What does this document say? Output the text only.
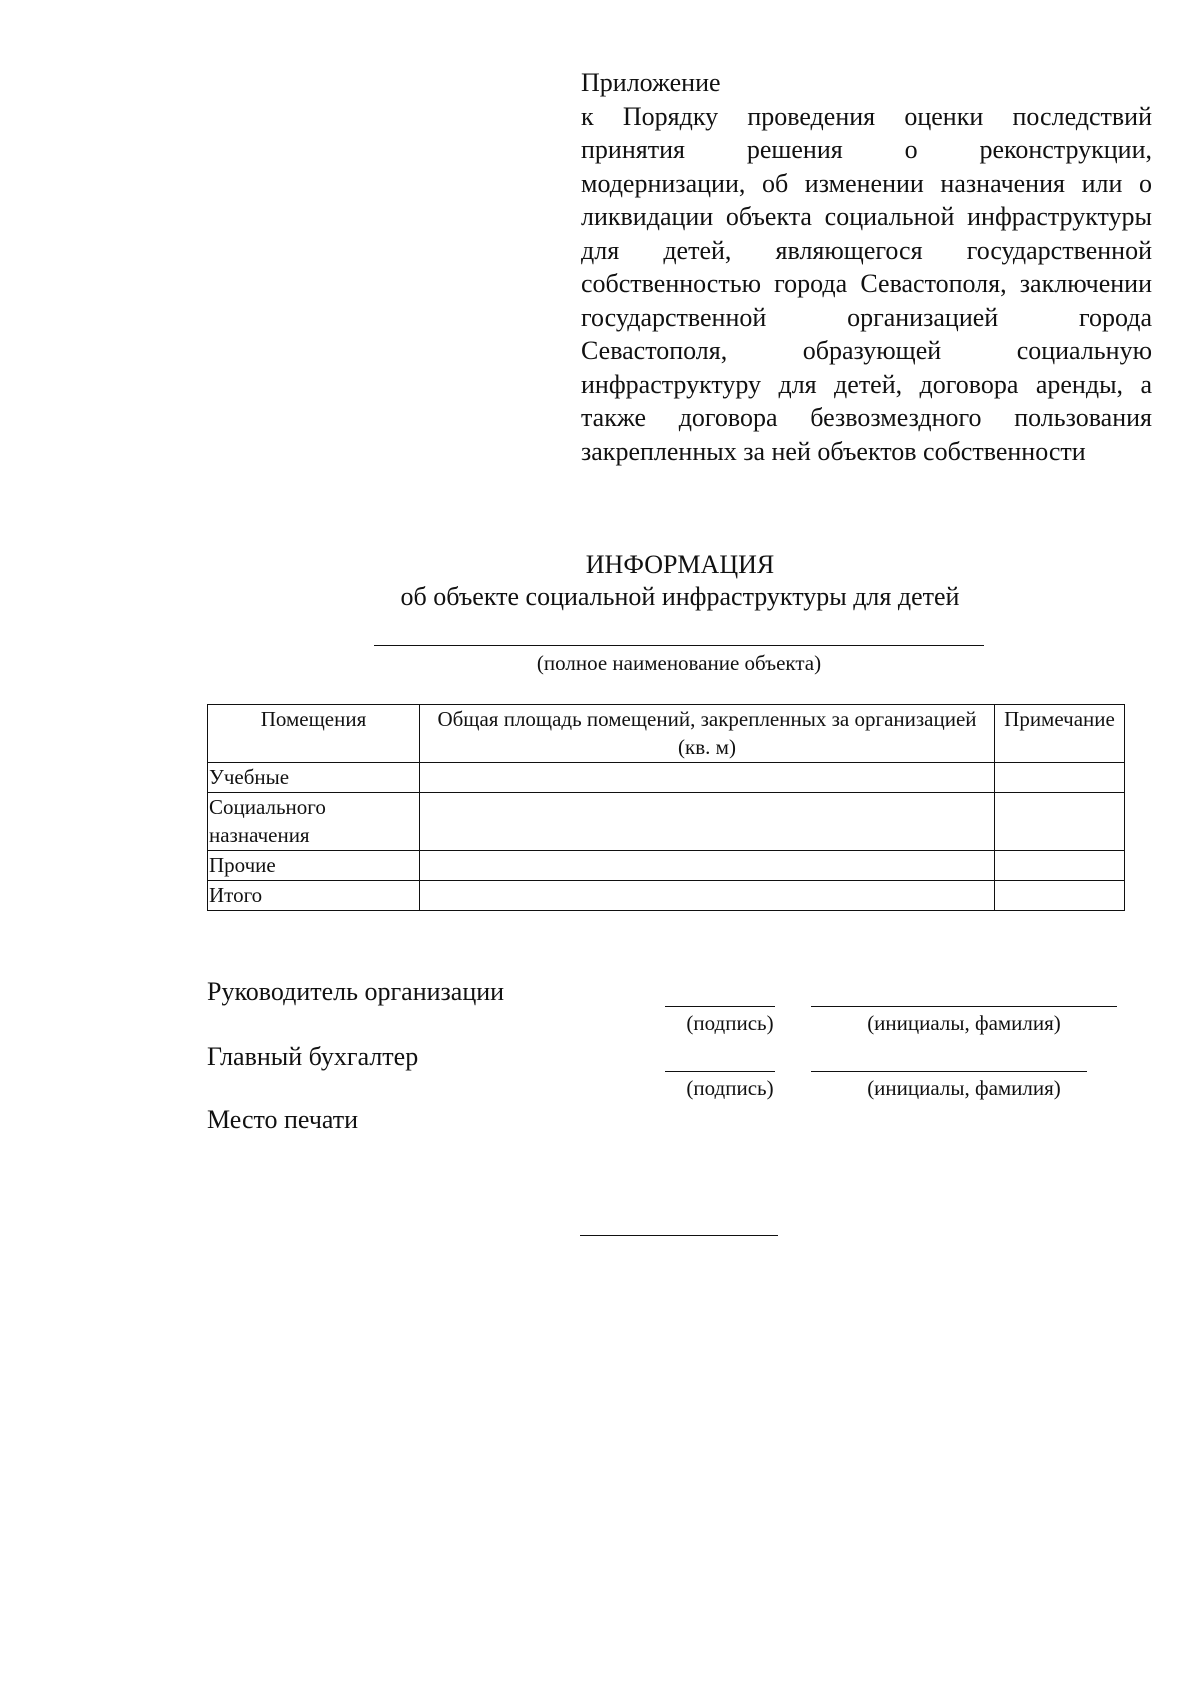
Приложение
к Порядку проведения оценки последствий принятия решения о реконструкции, модернизации, об изменении назначения или о ликвидации объекта социальной инфраструктуры для детей, являющегося государственной собственностью города Севастополя, заключении государственной организацией города Севастополя, образующей социальную инфраструктуру для детей, договора аренды, а также договора безвозмездного пользования закрепленных за ней объектов собственности
ИНФОРМАЦИЯ
об объекте социальной инфраструктуры для детей
(полное наименование объекта)
Помещения	Общая площадь помещений, закрепленных за организацией (кв. м)	Примечание
Учебные		
Социального назначения		
Прочие		
Итого		
Руководитель организации
(подпись)	(инициалы, фамилия)
Главный бухгалтер
(подпись)	(инициалы, фамилия)
Место печати
